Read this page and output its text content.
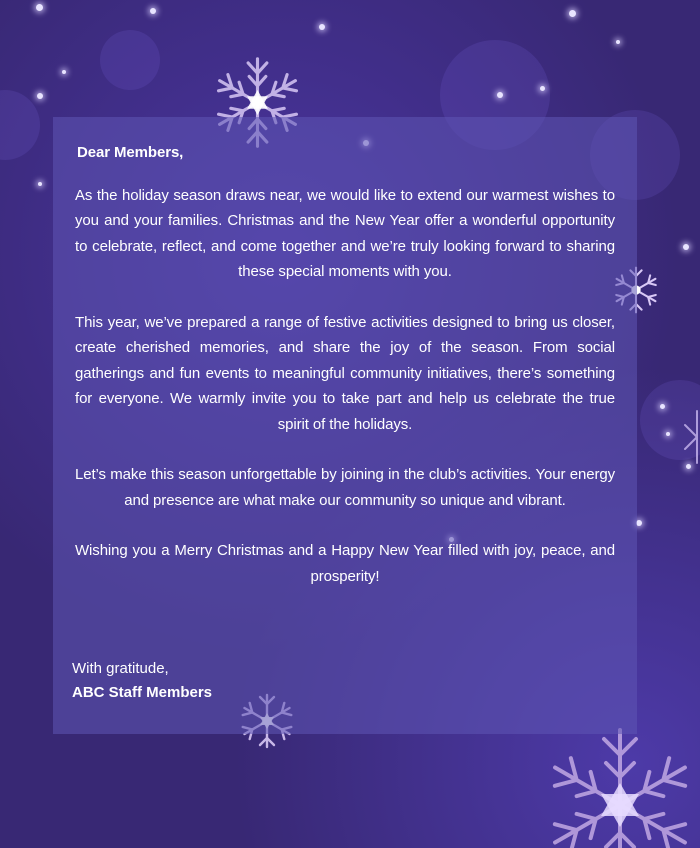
Dear Members,

As the holiday season draws near, we would like to extend our warmest wishes to you and your families. Christmas and the New Year offer a wonderful opportunity to celebrate, reflect, and come together and we’re truly looking forward to sharing these special moments with you.

This year, we’ve prepared a range of festive activities designed to bring us closer, create cherished memories, and share the joy of the season. From social gatherings and fun events to meaningful community initiatives, there’s something for everyone. We warmly invite you to take part and help us celebrate the true spirit of the holidays.

Let’s make this season unforgettable by joining in the club’s activities. Your energy and presence are what make our community so unique and vibrant.

Wishing you a Merry Christmas and a Happy New Year filled with joy, peace, and prosperity!

With gratitude,
ABC Staff Members
